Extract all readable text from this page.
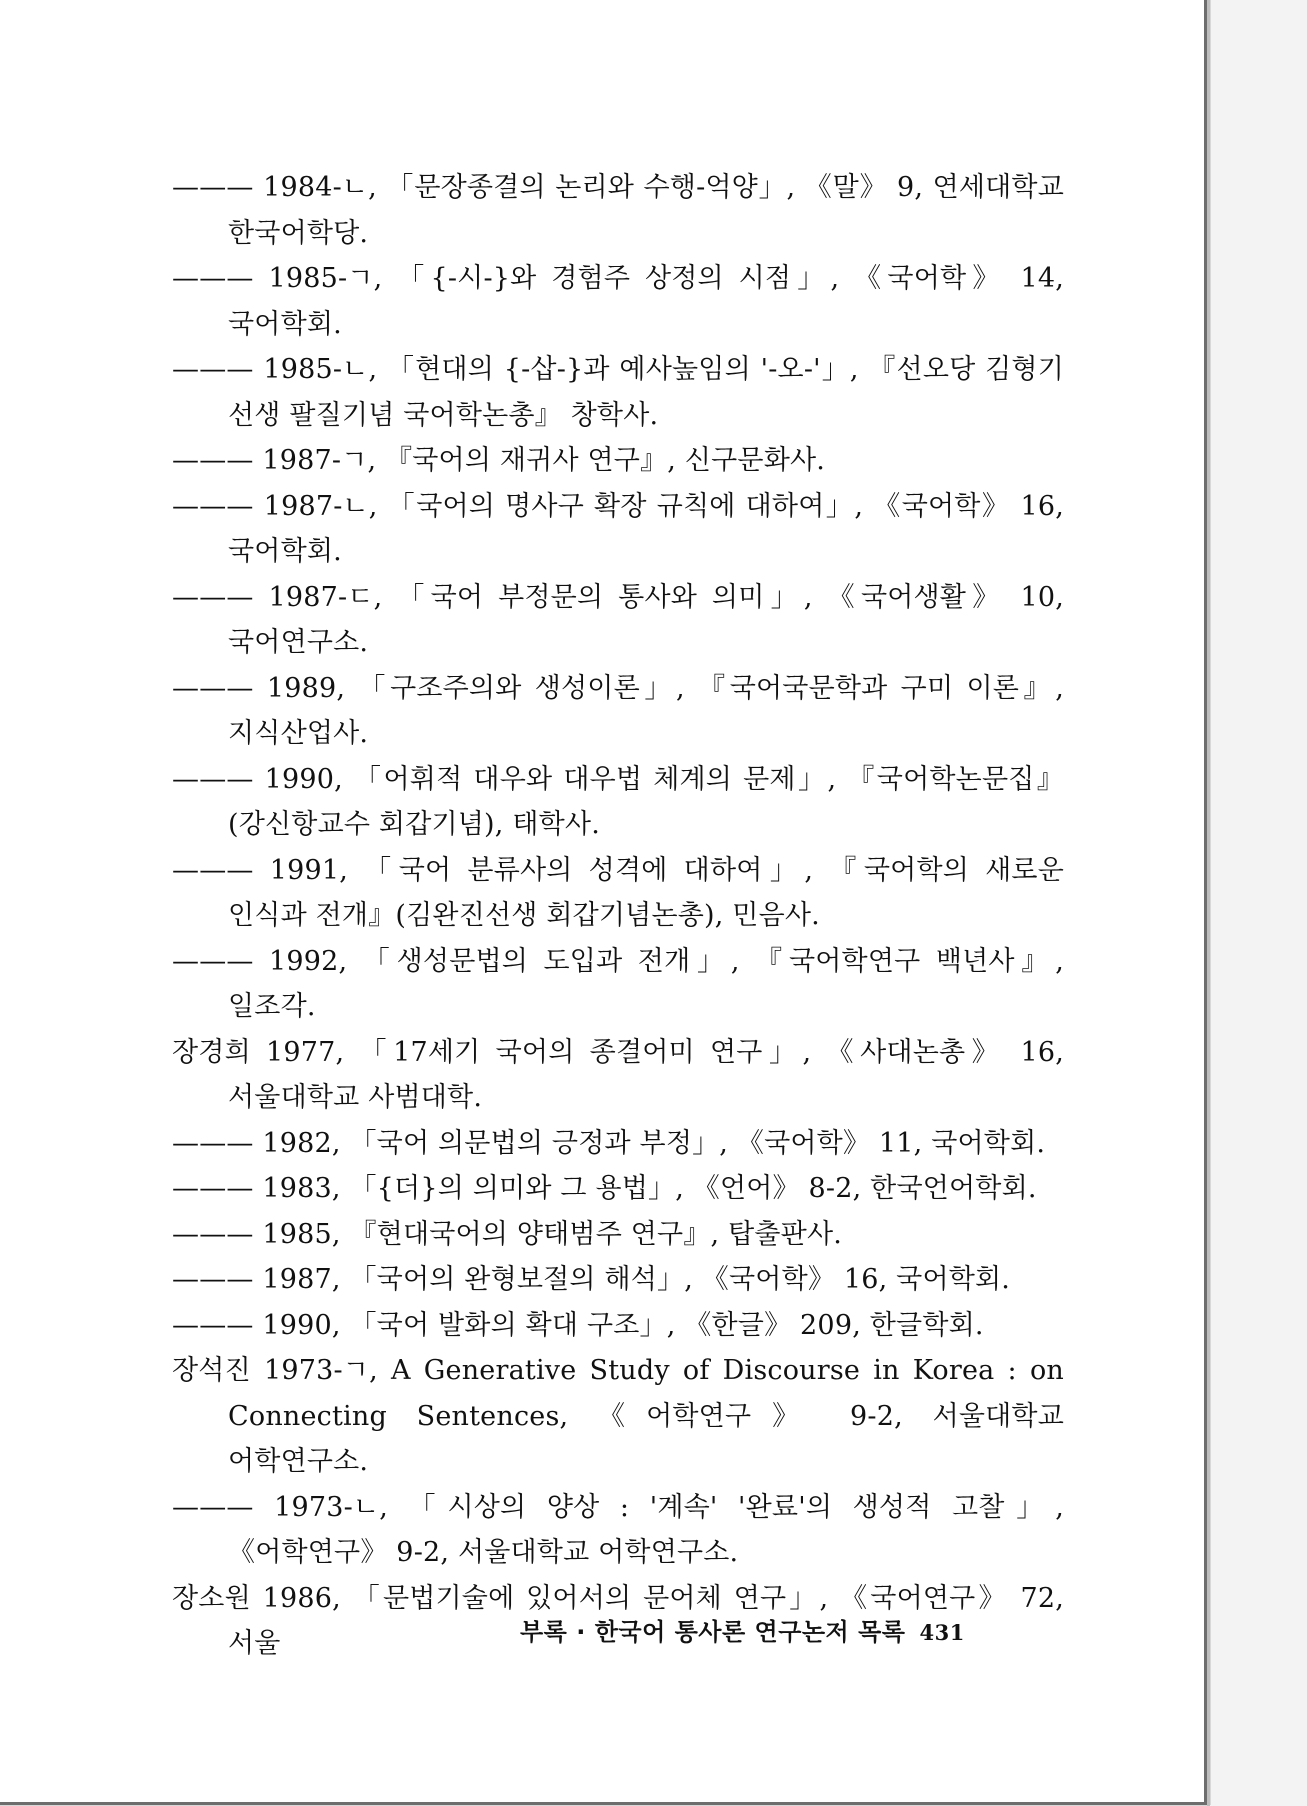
——— 1984-ㄴ, 「문장종결의 논리와 수행-억양」, 《말》 9, 연세대학교 한국어학당.

——— 1985-ㄱ, 「{-시-}와 경험주 상정의 시점」, 《국어학》 14, 국어학회.

——— 1985-ㄴ, 「현대의 {-삽-}과 예사높임의 '-오-'」, 『선오당 김형기 선생 팔질기념 국어학논총』 창학사.

——— 1987-ㄱ, 『국어의 재귀사 연구』, 신구문화사.

——— 1987-ㄴ, 「국어의 명사구 확장 규칙에 대하여」, 《국어학》 16, 국어학회.

——— 1987-ㄷ, 「국어 부정문의 통사와 의미」, 《국어생활》 10, 국어연구소.

——— 1989, 「구조주의와 생성이론」, 『국어국문학과 구미 이론』, 지식산업사.

——— 1990, 「어휘적 대우와 대우법 체계의 문제」, 『국어학논문집』 (강신항교수 회갑기념), 태학사.

——— 1991, 「국어 분류사의 성격에 대하여」, 『국어학의 새로운 인식과 전개』(김완진선생 회갑기념논총), 민음사.

——— 1992, 「생성문법의 도입과 전개」, 『국어학연구 백년사』, 일조각.

장경희 1977, 「17세기 국어의 종결어미 연구」, 《사대논총》 16, 서울대학교 사범대학.

——— 1982, 「국어 의문법의 긍정과 부정」, 《국어학》 11, 국어학회.

——— 1983, 「{더}의 의미와 그 용법」, 《언어》 8-2, 한국언어학회.

——— 1985, 『현대국어의 양태범주 연구』, 탑출판사.

——— 1987, 「국어의 완형보절의 해석」, 《국어학》 16, 국어학회.

——— 1990, 「국어 발화의 확대 구조」, 《한글》 209, 한글학회.

장석진 1973-ㄱ, A Generative Study of Discourse in Korea : on Connecting Sentences, 《어학연구》 9-2, 서울대학교 어학연구소.

——— 1973-ㄴ, 「시상의 양상 : '계속' '완료'의 생성적 고찰」, 《어학연구》 9-2, 서울대학교 어학연구소.

장소원 1986, 「문법기술에 있어서의 문어체 연구」, 《국어연구》 72, 서울	부록 · 한국어 통사론 연구논저 목록 431
